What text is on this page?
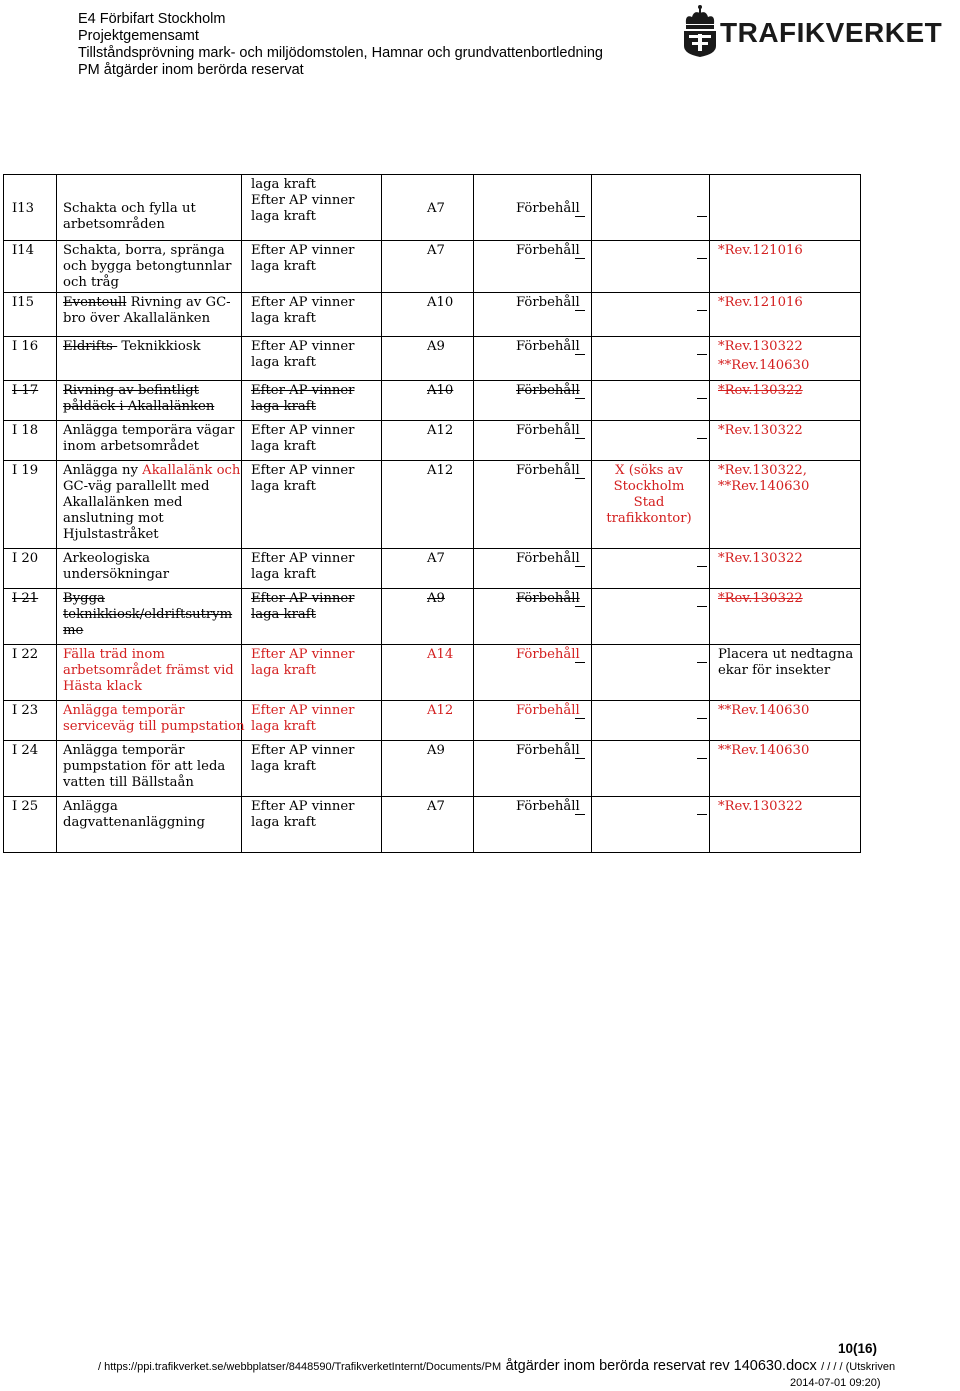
E4 Förbifart Stockholm
Projektgemensamt
Tillståndsprövning mark- och miljödomstolen, Hamnar och grundvattenbortledning
PM åtgärder inom berörda reservat
TRAFIKVERKET
I13	Schakta och fylla ut
arbetsområden	laga kraft
Efter AP vinner
laga kraft	A7	Förbehåll		

I14	Schakta, borra, spränga
och bygga betongtunnlar
och tråg	Efter AP vinner
laga kraft	A7	Förbehåll		*Rev.121016

I15	Eventeull Rivning av GC-
bro över Akallalänken	Efter AP vinner
laga kraft	A10	Förbehåll		*Rev.121016

I 16	Eldrifts- Teknikkiosk	Efter AP vinner
laga kraft	A9	Förbehåll		*Rev.130322
**Rev.140630

I 17	Rivning av befintligt
påldäck i Akallalänken	Efter AP vinner
laga kraft	A10	Förbehåll		*Rev.130322

I 18	Anlägga temporära vägar
inom arbetsområdet	Efter AP vinner
laga kraft	A12	Förbehåll		*Rev.130322

I 19	Anlägga ny Akallalänk och
GC-väg parallellt med
Akallalänken med
anslutning mot
Hjulstastråket	Efter AP vinner
laga kraft	A12	Förbehåll	X (söks av
Stockholm
Stad
trafikkontor)	*Rev.130322,
**Rev.140630

I 20	Arkeologiska
undersökningar	Efter AP vinner
laga kraft	A7	Förbehåll		*Rev.130322

I 21	Bygga
teknikkiosk/eldriftsutrym
me	Efter AP vinner
laga kraft	A9	Förbehåll		*Rev.130322

I 22	Fälla träd inom
arbetsområdet främst vid
Hästa klack	Efter AP vinner
laga kraft	A14	Förbehåll		Placera ut nedtagna
ekar för insekter

I 23	Anlägga temporär
serviceväg till pumpstation	Efter AP vinner
laga kraft	A12	Förbehåll		**Rev.140630

I 24	Anlägga temporär
pumpstation för att leda
vatten till Bällstaån	Efter AP vinner
laga kraft	A9	Förbehåll		**Rev.140630

I 25	Anlägga
dagvattenanläggning	Efter AP vinner
laga kraft	A7	Förbehåll		*Rev.130322
10(16)
/ https://ppi.trafikverket.se/webbplatser/8448590/TrafikverketInternt/Documents/PM åtgärder inom berörda reservat rev 140630.docx / / / / (Utskriven
2014-07-01 09:20)
